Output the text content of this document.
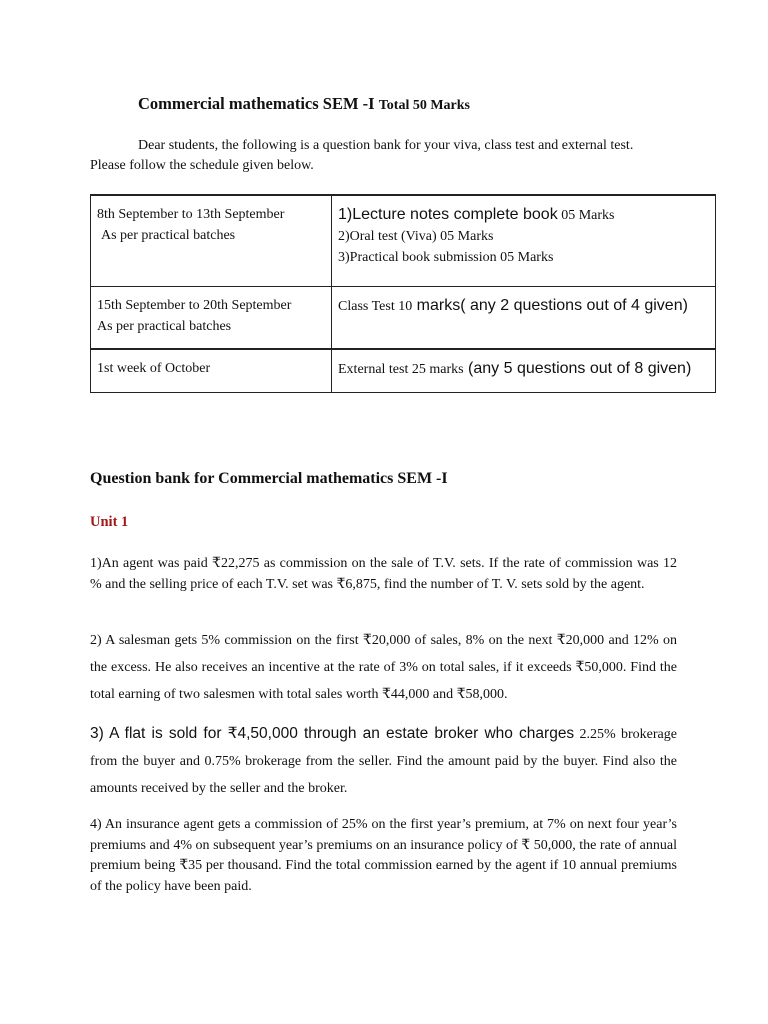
Commercial mathematics SEM -I Total 50 Marks
Dear students, the following is a question bank for your viva, class test and external test.
Please follow the schedule given below.
8th September to 13th September
As per practical batches	1)Lecture notes complete book 05 Marks
2)Oral test (Viva) 05 Marks
3)Practical book submission 05 Marks

15th September to 20th September
As per practical batches	Class Test 10 marks( any 2 questions out of 4 given)

1st week of October	External test 25 marks (any 5 questions out of 8 given)
Question bank for Commercial mathematics SEM -I
Unit 1
1)An agent was paid ₹22,275 as commission on the sale of T.V. sets. If the rate of commission was 12 % and the selling price of each T.V. set was ₹6,875, find the number of T. V. sets sold by the agent.
2) A salesman gets 5% commission on the first ₹20,000 of sales, 8% on the next ₹20,000 and 12% on the excess. He also receives an incentive at the rate of 3% on total sales, if it exceeds ₹50,000. Find the total earning of two salesmen with total sales worth ₹44,000 and ₹58,000.
3) A flat is sold for ₹4,50,000 through an estate broker who charges 2.25% brokerage from the buyer and 0.75% brokerage from the seller. Find the amount paid by the buyer. Find also the amounts received by the seller and the broker.
4) An insurance agent gets a commission of 25% on the first year’s premium, at 7% on next four year’s premiums and 4% on subsequent year’s premiums on an insurance policy of ₹ 50,000, the rate of annual premium being ₹35 per thousand. Find the total commission earned by the agent if 10 annual premiums of the policy have been paid.
